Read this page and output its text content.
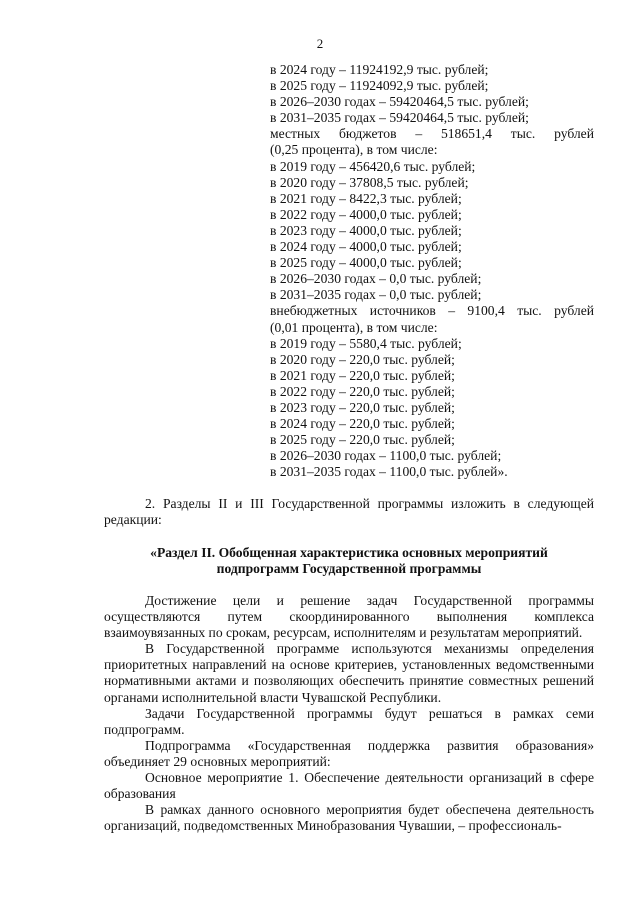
2
в 2024 году – 11924192,9 тыс. рублей;
в 2025 году – 11924092,9 тыс. рублей;
в 2026–2030 годах – 59420464,5 тыс. рублей;
в 2031–2035 годах – 59420464,5 тыс. рублей;
местных бюджетов – 518651,4 тыс. рублей
(0,25 процента), в том числе:
в 2019 году – 456420,6 тыс. рублей;
в 2020 году – 37808,5 тыс. рублей;
в 2021 году – 8422,3 тыс. рублей;
в 2022 году – 4000,0 тыс. рублей;
в 2023 году – 4000,0 тыс. рублей;
в 2024 году – 4000,0 тыс. рублей;
в 2025 году – 4000,0 тыс. рублей;
в 2026–2030 годах – 0,0 тыс. рублей;
в 2031–2035 годах – 0,0 тыс. рублей;
внебюджетных источников – 9100,4 тыс. рублей
(0,01 процента), в том числе:
в 2019 году – 5580,4 тыс. рублей;
в 2020 году – 220,0 тыс. рублей;
в 2021 году – 220,0 тыс. рублей;
в 2022 году – 220,0 тыс. рублей;
в 2023 году – 220,0 тыс. рублей;
в 2024 году – 220,0 тыс. рублей;
в 2025 году – 220,0 тыс. рублей;
в 2026–2030 годах – 1100,0 тыс. рублей;
в 2031–2035 годах – 1100,0 тыс. рублей».

2. Разделы II и III Государственной программы изложить в следующей редакции:

«Раздел II. Обобщенная характеристика основных мероприятий
подпрограмм Государственной программы

Достижение цели и решение задач Государственной программы осуществляются путем скоординированного выполнения комплекса взаимоувязанных по срокам, ресурсам, исполнителям и результатам мероприятий.

В Государственной программе используются механизмы определения приоритетных направлений на основе критериев, установленных ведомственными нормативными актами и позволяющих обеспечить принятие совместных решений органами исполнительной власти Чувашской Республики.

Задачи Государственной программы будут решаться в рамках семи подпрограмм.

Подпрограмма «Государственная поддержка развития образования» объединяет 29 основных мероприятий:

Основное мероприятие 1. Обеспечение деятельности организаций в сфере образования

В рамках данного основного мероприятия будет обеспечена деятельность организаций, подведомственных Минобразования Чувашии, – профессиональ-
